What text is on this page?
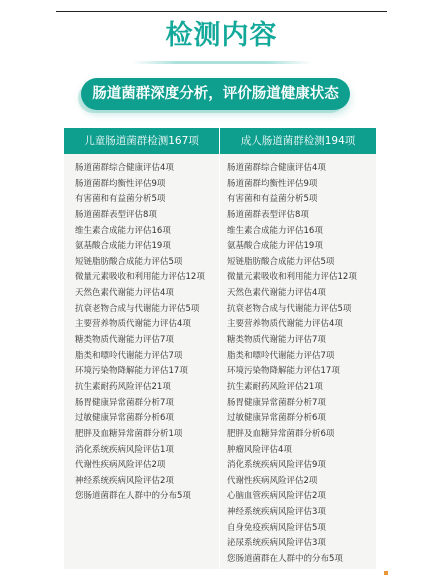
检测内容
肠道菌群深度分析，评价肠道健康状态
儿童肠道菌群检测167项	成人肠道菌群检测194项
肠道菌群综合健康评估4项
肠道菌群均衡性评估9项
有害菌和有益菌分析5项
肠道菌群表型评估8项
维生素合成能力评估16项
氨基酸合成能力评估19项
短链脂肪酸合成能力评估5项
微量元素吸收和利用能力评估12项
天然色素代谢能力评估4项
抗衰老物合成与代谢能力评估5项
主要营养物质代谢能力评估4项
糖类物质代谢能力评估7项
脂类和嘌呤代谢能力评估7项
环境污染物降解能力评估17项
抗生素耐药风险评估21项
肠胃健康异常菌群分析7项
过敏健康异常菌群分析6项
肥胖及血糖异常菌群分析1项
消化系统疾病风险评估1项
代谢性疾病风险评估2项
神经系统疾病风险评估2项
您肠道菌群在人群中的分布5项
肠道菌群综合健康评估4项
肠道菌群均衡性评估9项
有害菌和有益菌分析5项
肠道菌群表型评估8项
维生素合成能力评估16项
氨基酸合成能力评估19项
短链脂肪酸合成能力评估5项
微量元素吸收和利用能力评估12项
天然色素代谢能力评估4项
抗衰老物合成与代谢能力评估5项
主要营养物质代谢能力评估4项
糖类物质代谢能力评估7项
脂类和嘌呤代谢能力评估7项
环境污染物降解能力评估17项
抗生素耐药风险评估21项
肠胃健康异常菌群分析7项
过敏健康异常菌群分析6项
肥胖及血糖异常菌群分析6项
肿瘤风险评估4项
消化系统疾病风险评估9项
代谢性疾病风险评估2项
心脑血管疾病风险评估2项
神经系统疾病风险评估3项
自身免疫疾病风险评估5项
泌尿系统疾病风险评估3项
您肠道菌群在人群中的分布5项
